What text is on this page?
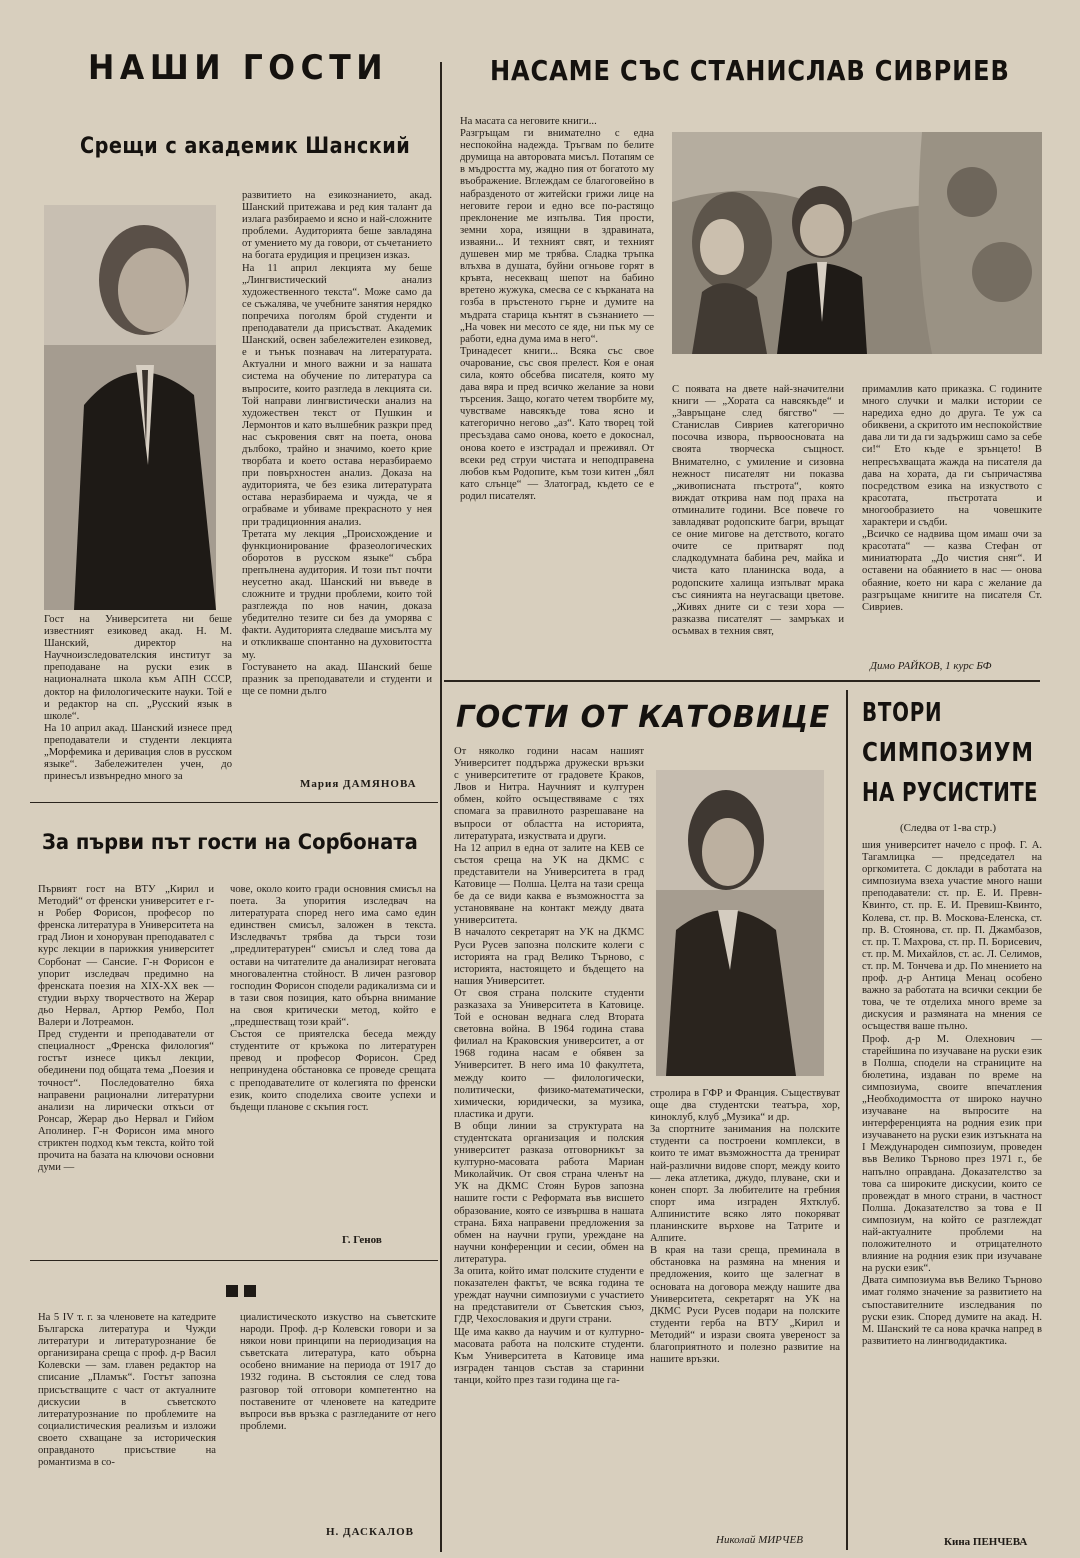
НАШИ ГОСТИ
Срещи с академик Шанский
развитието на езикознанието, акад. Шанский притежава и ред кия талант да излага разбираемо и ясно и най-сложните проблеми. Аудиторията беше завладяна от умението му да говори, от съчетанието на богата ерудиция и прецизен изказ.
На 11 април лекцията му беше „Лингвистический анализ художественного текста“. Може само да се съжалява, че учебните занятия нерядко попречиха поголям брой студенти и преподаватели да присъстват. Академик Шанский, освен забележителен езиковед, е и тънък познавач на литературата. Актуални и много важни и за нашата система на обучение по литература са въпросите, които разгледа в лекцията си. Той направи лингвистически анализ на художествен текст от Пушкин и Лермонтов и като вълшебник разкри пред нас съкровения свят на поета, онова дълбоко, трайно и значимо, което крие творбата и което остава неразбираемо при повърхностен анализ. Доказа на аудиторията, че без езика литературата остава неразбираема и чужда, че я ограбваме и убиваме прекрасното у нея при традиционния анализ.
Третата му лекция „Происхождение и функционирование фразеологических оборотов в русском языке“ събра препълнена аудитория. И този път почти неусетно акад. Шанский ни въведе в сложните и трудни проблеми, които той разглежда по нов начин, доказа убедително тезите си без да уморява с факти. Аудиторията следваше мисълта му и откликваше спонтанно на духовитостта му.
Гостуването на акад. Шанский беше празник за преподаватели и студенти и ще се помни дълго
Гост на Университета ни беше известният езиковед акад. Н. М. Шанский, директор на Научноизследователския институт за преподаване на руски език в националната школа към АПН СССР, доктор на филологическите науки. Той е и редактор на сп. „Русский язык в школе“.
На 10 април акад. Шанский изнесе пред преподаватели и студенти лекцията „Морфемика и деривация слов в русском языке“. Забележителен учен, до принесъл извънредно много за
Мария ДАМЯНОВА
За първи път гости на Сорбоната
Първият гост на ВТУ „Кирил и Методий“ от френски университет е г-н Робер Форисон, професор по френска литература в Университета на град Лион и хоноруван преподавател с курс лекции в парижкия университет Сорбонат — Сансие. Г-н Форисон е упорит изследвач предимно на френската поезия на XIX-XX век —студии върху творчеството на Жерар дьо Нервал, Артюр Рембо, Пол Валери и Лотреамон.
Пред студенти и преподаватели от специалност „Френска филология“ гостът изнесе цикъл лекции, обединени под общата тема „Поезия и точност“. Последователно бяха направени рационални литературни анализи на лирически откъси от Ронсар, Жерар дьо Нервал и Гийом Аполинер. Г-н Форисон има много стриктен подход към текста, който той прочита на базата на ключови основни думи —
чове, около които гради основния смисъл на поета. За упорития изследвач на литературата според него има само един единствен смисъл, заложен в текста. Изследвачът трябва да търси този „предлитературен“ смисъл и след това да остави на читателите да анализират неговата многовалентна стойност. В личен разговор господин Форисон сподели радикализма си и в тази своя позиция, като обърна внимание на своя критически метод, който е „предшестващ този край“.
Състоя се приятелска беседа между студентите от кръжока по литературен превод и професор Форисон. Сред непринудена обстановка се проведе срещата с преподавателите от колегията по френски език, които споделиха своите успехи и бъдещи планове с скъпия гост.
Г. Генов
На 5 IV т. г. за членовете на катедрите Българска литература и Чужди литератури и литературознание бе организирана среща с проф. д-р Васил Колевски — зам. главен редактор на списание „Пламък“. Гостът запозна присъстващите с част от актуалните дискусии в съветското литературознание по проблемите на социалистическия реализъм и изложи своето схващане за историческия оправданото присъствие на романтизма в со-
циалистическото изкуство на съветските народи. Проф. д-р Колевски говори и за някои нови принципи на периодизация на съветската литература, като обърна особено внимание на периода от 1917 до 1932 година. В състоялия се след това разговор той отговори компетентно на поставените от членовете на катедрите въпроси във връзка с разгледаните от него проблеми.
Н. ДАСКАЛОВ
НАСАМЕ СЪС СТАНИСЛАВ СИВРИЕВ
На масата са неговите книги...
Разгръщам ги внимателно с една неспокойна надежда. Тръгвам по белите друмища на авторовата мисъл. Потапям се в мъдростта му, жадно пия от богатото му въображение. Вглеждам се благоговейно в набразденото от житейски грижи лице на неговите герои и едно все по-растящо преклонение ме изпълва. Тия прости, земни хора, изящни в здравината, изваяни... И техният свят, и техният душевен мир ме трябва. Сладка тръпка влъхва в душата, буйни огньове горят в кръвта, несекващ шепот на бабино вретено жужука, смесва се с кърканата на гозба в пръстеното гърне и думите на мъдрата старица кънтят в съзнанието — „На човек ни месото се яде, ни пък му се работи, една дума има в него“.
Тринадесет книги... Всяка със свое очарование, със своя прелест. Коя е оная сила, която обсебва писателя, която му дава вяра и пред всичко желание за нови търсения. Защо, когато четем творбите му, чувстваме навсякъде това ясно и категорично негово „аз“. Като творец той пресъздава само онова, което е докоснал, онова което е изстрадал и преживял. От всеки ред струи чистата и неподправена любов към Родопите, към този китен „бял като слънце“ — Златоград, където се е родил писателят.
С появата на двете най-значителни книги — „Хората са навсякъде“ и „Завръщане след бягство“ — Станислав Сивриев категорично посочва извора, първоосновата на своята творческа същност. Внимателно, с умиление и сизовна нежност писателят ни показва „живописната пъстрота“, която виждат открива нам под праха на отминалите години. Все повече го завладяват родопските багри, връщат се оние мигове на детството, когато очите се притварят под сладкодумната бабина реч, майка и чиста като планинска вода, а родопските халища изпълват мрака със сиянията на неугасващи цветове. „Живях дните си с тези хора — разказва писателят — замръках и осъмвах в техния свят,
примамлив като приказка. С годините много случки и малки истории се наредиха едно до друга. Те уж са обиквени, а скритото им неспокойствие дава ли ти да ги задържиш само за себе си!“ Ето къде е зрънцето! В непресъхващата жажда на писателя да дава на хората, да ги съпричастява посредством езика на изкуството с красотата, пъстротата и многообразието на човешките характери и съдби.
„Всичко се надвива щом имаш очи за красотата“ — казва Стефан от миниатюрата „До чистия сняг“. И оставени на обаянието в нас — онова обаяние, което ни кара с желание да разгръщаме книгите на писателя Ст. Сивриев.
Димо РАЙКОВ, 1 курс БФ
ГОСТИ ОТ КАТОВИЦЕ
От няколко години насам нашият Университет поддържа дружески връзки с университетите от градовете Краков, Лвов и Нитра. Научният и културен обмен, който осъществяваме с тях спомага за правилното разрешаване на въпроси от областта на историята, литературата, изкуствата и други.
На 12 април в една от залите на КЕВ се състоя среща на УК на ДКМС с представители на Университета в град Катовице — Полша. Целта на тази среща бе да се види каква е възможността за установяване на контакт между двата университета.
В началото секретарят на УК на ДКМС Руси Русев запозна полските колеги с историята на град Велико Търново, с историята, настоящето и бъдещето на нашия Университет.
От своя страна полските студенти разказаха за Университета в Катовице. Той е основан веднага след Втората световна война. В 1964 година става филиал на Краковския университет, а от 1968 година насам е обявен за Университет. В него има 10 факултета, между които — филологически, политически, физико-математически, химически, юридически, за музика, пластика и други.
В общи линии за структурата на студентската организация и полския университет разказа отговорникът за културно-масовата работа Мариан Миколайчик. От своя страна членът на УК на ДКМС Стоян Буров запозна нашите гости с Реформата във висшето образование, която се извършва в нашата страна. Бяха направени предложения за обмен на научни групи, уреждане на научни конференции и сесии, обмен на литература.
За опита, който имат полските студенти е показателен фактът, че всяка година те уреждат научни симпозиуми с участието на представители от Съветския съюз, ГДР, Чехословакия и други страни.
Ще има какво да научим и от културно-масовата работа на полските студенти. Към Университета в Катовице има изграден танцов състав за старинни танци, който през тази година ще га-
стролира в ГФР и Франция. Съществуват още два студентски театъра, хор, киноклуб, клуб „Музика“ и др.
За спортните занимания на полските студенти са построени комплекси, в които те имат възможността да тренират най-различни видове спорт, между които — лека атлетика, джудо, плуване, ски и конен спорт. За любителите на гребния спорт има изграден Яхтклуб. Алпинистите всяко лято покоряват планинските върхове на Татрите и Алпите.
В края на тази среща, преминала в обстановка на размяна на мнения и предложения, които ще залегнат в основата на договора между нашите два Университета, секретарят на УК на ДКМС Руси Русев подари на полските студенти герба на ВТУ „Кирил и Методий“ и изрази своята увереност за благоприятното и полезно развитие на нашите връзки.
Николай МИРЧЕВ
ВТОРИ
СИМПОЗИУМ
НА РУСИСТИТЕ
(Следва от 1-ва стр.)
шия университет начело с проф. Г. А. Тагамлицка — председател на оргкомитета. С доклади в работата на симпозиума взеха участие много наши преподаватели: ст. пр. Е. И. Превн-Квинто, ст. пр. Е. И. Превиш-Квинто, Колева, ст. пр. В. Москова-Еленска, ст. пр. В. Стоянова, ст. пр. П. Джамбазов, ст. пр. Т. Махрова, ст. пр. П. Борисевич, ст. пр. М. Михайлов, ст. ас. Л. Селимов, ст. пр. М. Тончева и др. По мнението на проф. д-р Антица Менац особено важно за работата на всички секции бе това, че те отделиха много време за дискусия и размяната на мнения се осъществя ваше пълно.
Проф. д-р М. Олехнович — старейшина по изучаване на руски език в Полша, сподели на страниците на бюлетина, издаван по време на симпозиума, своите впечатления „Необходимостта от широко научно изучаване на въпросите на интерференцията на родния език при изучаването на руски език изтъкната на I Международен симпозиум, проведен във Велико Търново през 1971 г., бе напълно оправдана. Доказателство за това са широките дискусии, които се провеждат в много страни, в частност Полша. Доказателство за това е II симпозиум, на който се разглеждат най-актуалните проблеми на положителното и отрицателното влияние на родния език при изучаване на руски език“.
Двата симпозиума във Велико Търново имат голямо значение за развитието на съпоставителните изследвания по руски език. Според думите на акад. Н. М. Шанский те са нова крачка напред в развитието на лингводидактика.
Кина ПЕНЧЕВА
